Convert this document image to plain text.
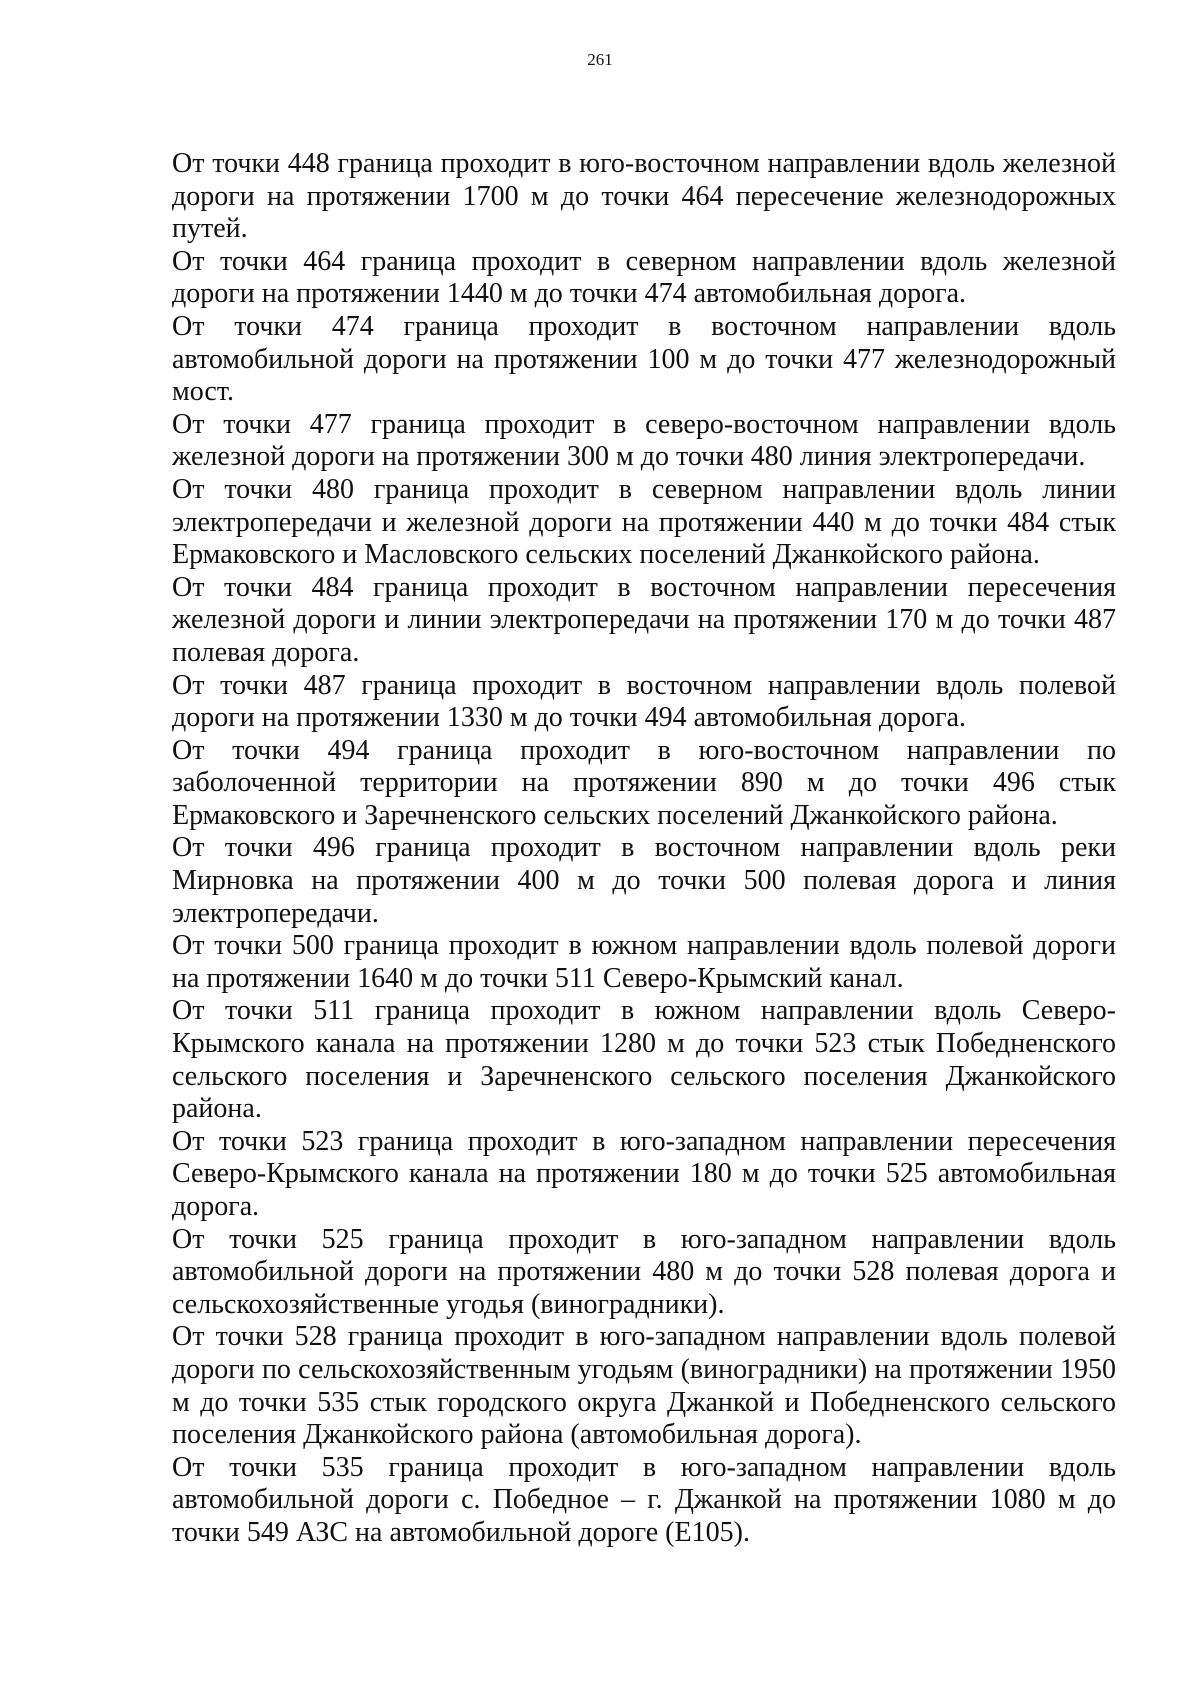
261

От точки 448 граница проходит в юго-восточном направлении вдоль железной дороги на протяжении 1700 м до точки 464 пересечение железнодорожных путей.

От точки 464 граница проходит в северном направлении вдоль железной дороги на протяжении 1440 м до точки 474 автомобильная дорога.

От точки 474 граница проходит в восточном направлении вдоль автомобильной дороги на протяжении 100 м до точки 477 железнодорожный мост.

От точки 477 граница проходит в северо-восточном направлении вдоль железной дороги на протяжении 300 м до точки 480 линия электропередачи.

От точки 480 граница проходит в северном направлении вдоль линии электропередачи и железной дороги на протяжении 440 м до точки 484 стык Ермаковского и Масловского сельских поселений Джанкойского района.

От точки 484 граница проходит в восточном направлении пересечения железной дороги и линии электропередачи на протяжении 170 м до точки 487 полевая дорога.

От точки 487 граница проходит в восточном направлении вдоль полевой дороги на протяжении 1330 м до точки 494 автомобильная дорога.

От точки 494 граница проходит в юго-восточном направлении по заболоченной территории на протяжении 890 м до точки 496 стык Ермаковского и Заречненского сельских поселений Джанкойского района.

От точки 496 граница проходит в восточном направлении вдоль реки Мирновка на протяжении 400 м до точки 500 полевая дорога и линия электропередачи.

От точки 500 граница проходит в южном направлении вдоль полевой дороги на протяжении 1640 м до точки 511 Северо-Крымский канал.

От точки 511 граница проходит в южном направлении вдоль Северо-Крымского канала на протяжении 1280 м до точки 523 стык Победненского сельского поселения и Заречненского сельского поселения Джанкойского района.

От точки 523 граница проходит в юго-западном направлении пересечения Северо-Крымского канала на протяжении 180 м до точки 525 автомобильная дорога.

От точки 525 граница проходит в юго-западном направлении вдоль автомобильной дороги на протяжении 480 м до точки 528 полевая дорога и сельскохозяйственные угодья (виноградники).

От точки 528 граница проходит в юго-западном направлении вдоль полевой дороги по сельскохозяйственным угодьям (виноградники) на протяжении 1950 м до точки 535 стык городского округа Джанкой и Победненского сельского поселения Джанкойского района (автомобильная дорога).

От точки 535 граница проходит в юго-западном направлении вдоль автомобильной дороги с. Победное – г. Джанкой на протяжении 1080 м до точки 549 АЗС на автомобильной дороге (Е105).
